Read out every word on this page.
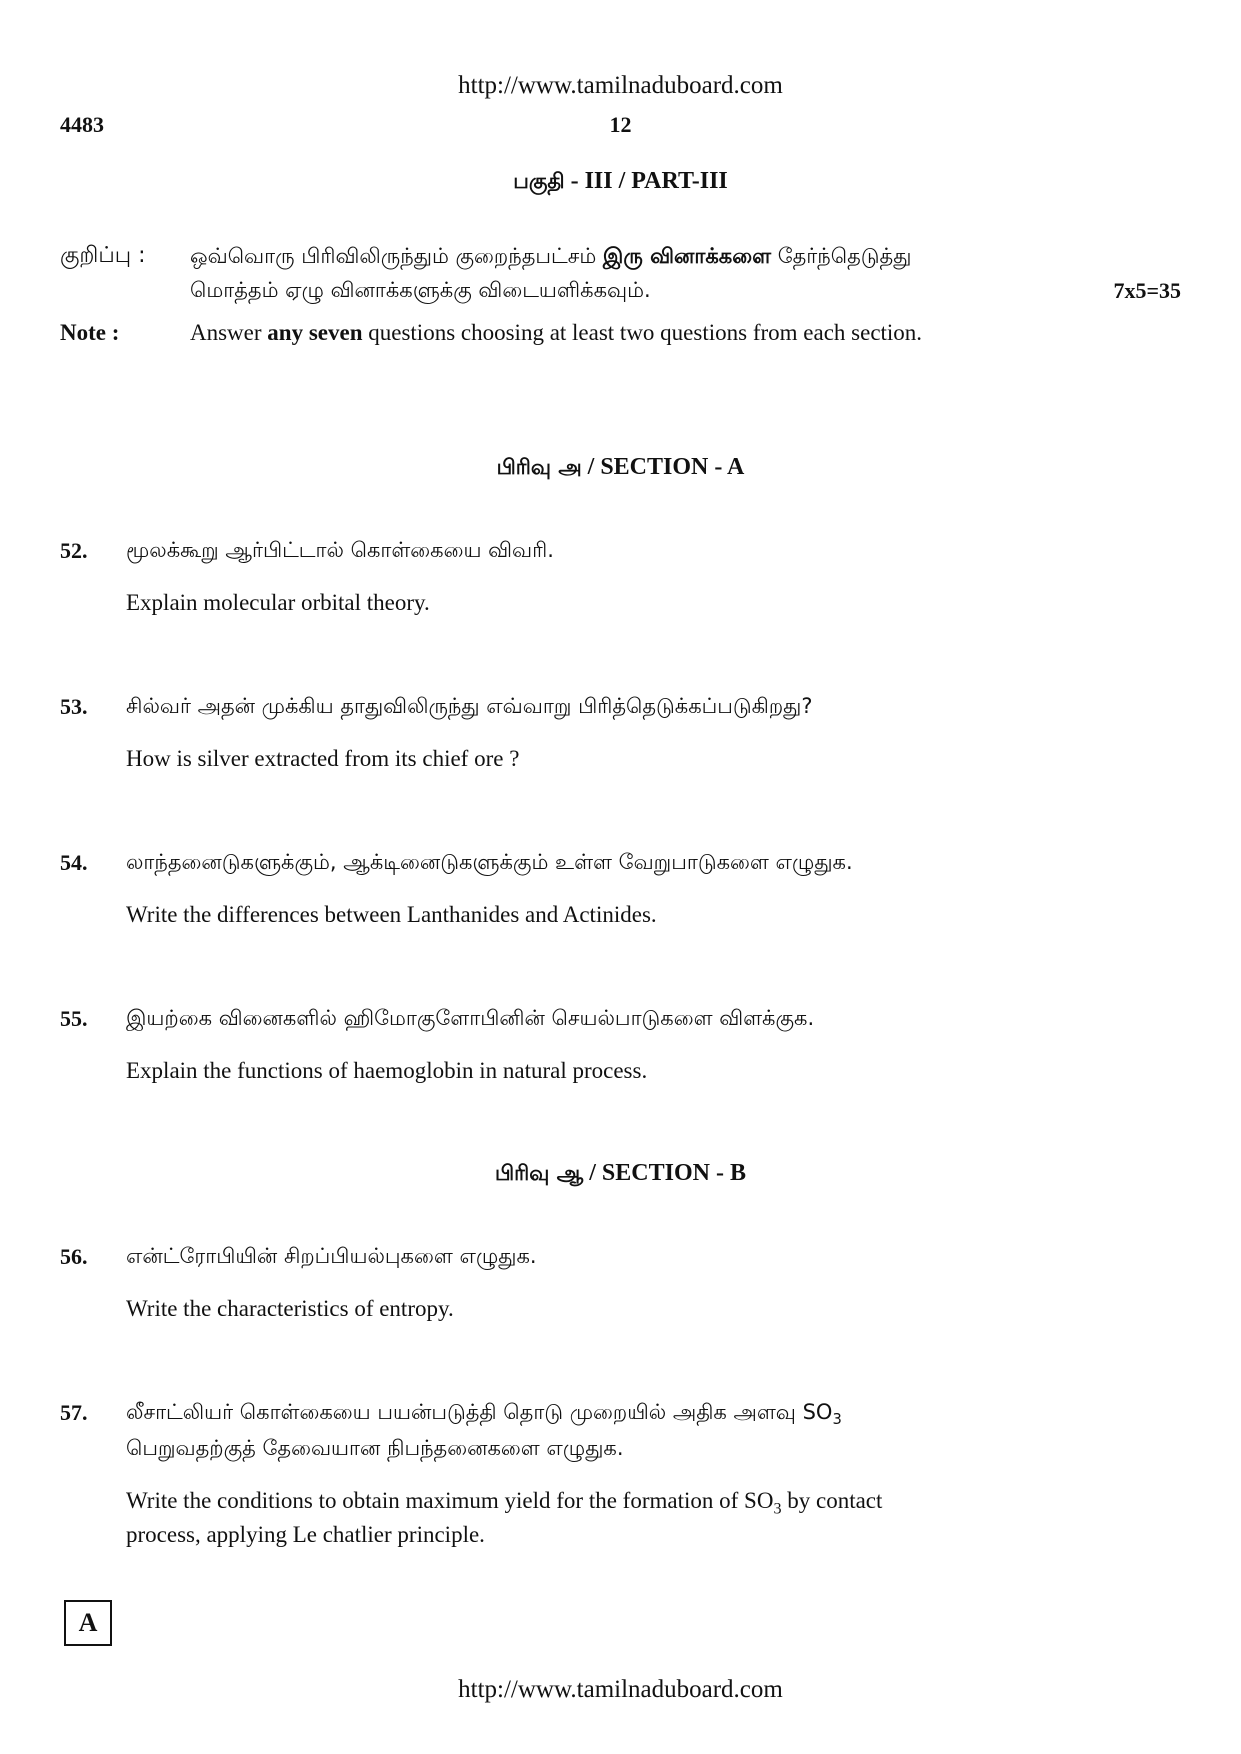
http://www.tamilnaduboard.com
4483	12
பகுதி - III / PART-III
குறிப்பு : ஒவ்வொரு பிரிவிலிருந்தும் குறைந்தபட்சம் இரு வினாக்களை தேர்ந்தெடுத்து
மொத்தம் ஏழு வினாக்களுக்கு விடையளிக்கவும்.	7x5=35
Note :	Answer any seven questions choosing at least two questions from each section.
பிரிவு அ / SECTION - A
52. மூலக்கூறு ஆர்பிட்டால் கொள்கையை விவரி.
Explain molecular orbital theory.
53. சில்வர் அதன் முக்கிய தாதுவிலிருந்து எவ்வாறு பிரித்தெடுக்கப்படுகிறது?
How is silver extracted from its chief ore ?
54. லாந்தனைடுகளுக்கும், ஆக்டினைடுகளுக்கும் உள்ள வேறுபாடுகளை எழுதுக.
Write the differences between Lanthanides and Actinides.
55. இயற்கை வினைகளில் ஹிமோகுளோபினின் செயல்பாடுகளை விளக்குக.
Explain the functions of haemoglobin in natural process.
பிரிவு ஆ / SECTION - B
56. என்ட்ரோபியின் சிறப்பியல்புகளை எழுதுக.
Write the characteristics of entropy.
57. லீசாட்லியர் கொள்கையை பயன்படுத்தி தொடு முறையில் அதிக அளவு $SO_3$
பெறுவதற்குத் தேவையான நிபந்தனைகளை எழுதுக.
Write the conditions to obtain maximum yield for the formation of $SO_3$ by contact
process, applying Le chatlier principle.
A
http://www.tamilnaduboard.com
